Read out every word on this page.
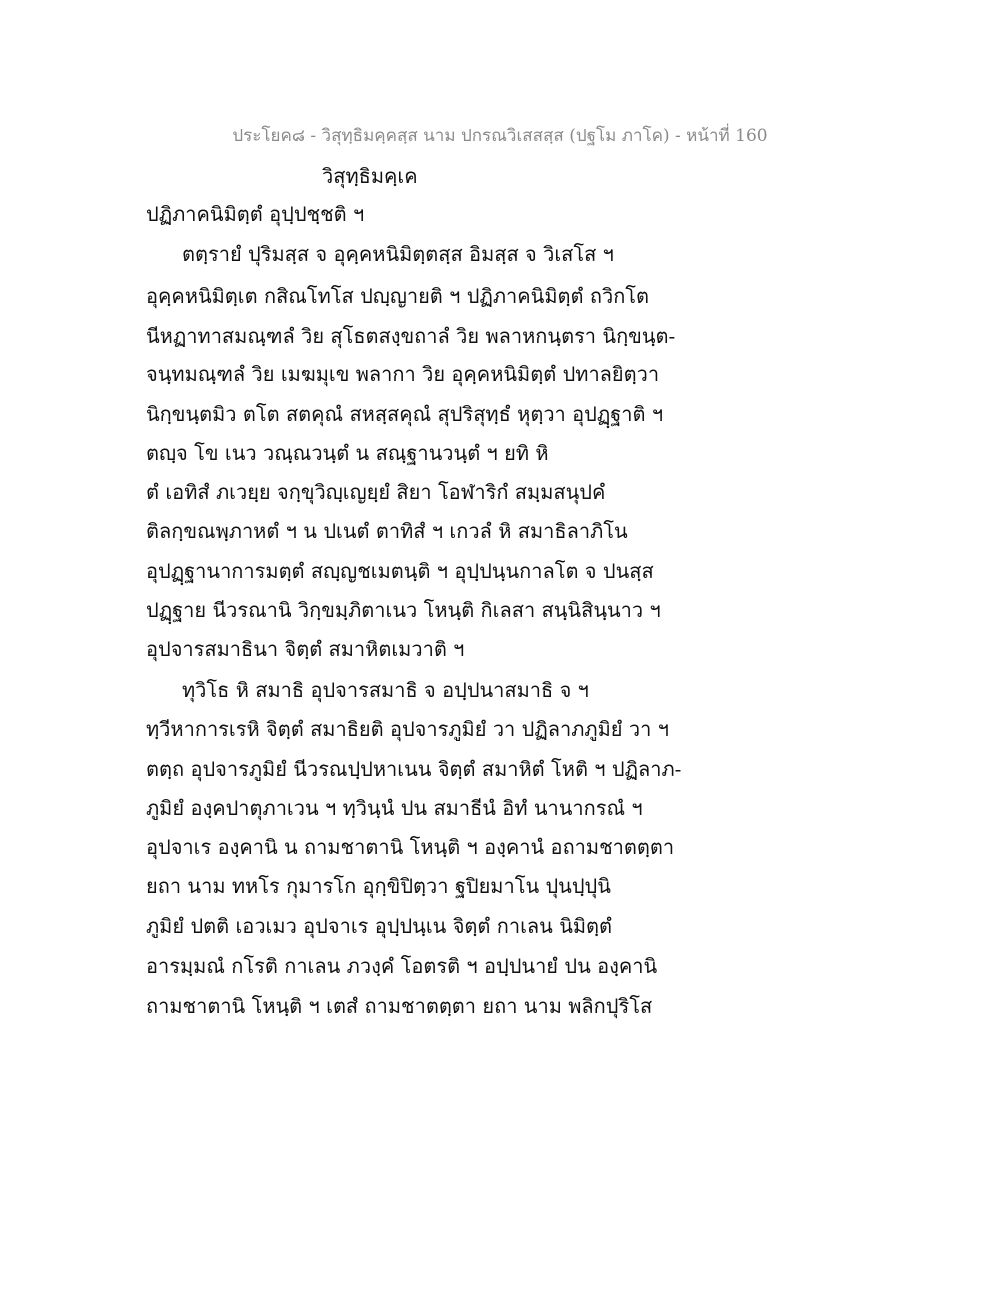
ประโยค๘ - วิสุทฺธิมคฺคสฺส นาม ปกรณวิเสสสฺส (ปฐโม ภาโค) - หน้าที่ 160
วิสุทฺธิมคฺเค
ปฏิภาคนิมิตฺตํ อุปฺปชฺชติ ฯ
ตตฺรายํ ปุริมสฺส จ อุคฺคหนิมิตฺตสฺส อิมสฺส จ วิเสโส ฯ
อุคฺคหนิมิตฺเต กสิณโทโส ปญฺญายติ ฯ ปฏิภาคนิมิตฺตํ ถวิกโต
นีหฏาทาสมณฺฑลํ วิย สุโธตสงฺขถาลํ วิย พลาหกนฺตรา นิกฺขนฺต-
จนฺทมณฺฑลํ วิย เมฆมุเข พลากา วิย อุคฺคหนิมิตฺตํ ปทาลยิตฺวา
นิกฺขนฺตมิว ตโต สตคุณํ สหสฺสคุณํ สุปริสุทฺธํ หุตฺวา อุปฏฺฐาติ ฯ
ตญฺจ โข เนว วณฺณวนฺตํ น สณฺฐานวนฺตํ ฯ ยทิ หิ
ตํ เอทิสํ ภเวยฺย จกฺขุวิญฺเญยฺยํ สิยา โอฬาริกํ สมฺมสนุปคํ
ติลกฺขณพฺภาหตํ ฯ น ปเนตํ ตาทิสํ ฯ เกวลํ หิ สมาธิลาภิโน
อุปฏฺฐานาการมตฺตํ สญฺญชเมตนฺติ ฯ อุปฺปนฺนกาลโต จ ปนสฺส
ปฏฺฐาย นีวรณานิ วิกฺขมฺภิตาเนว โหนฺติ กิเลสา สนฺนิสินฺนาว ฯ
อุปจารสมาธินา จิตฺตํ สมาหิตเมวาติ ฯ
ทุวิโธ หิ สมาธิ อุปจารสมาธิ จ อปฺปนาสมาธิ จ ฯ
ทฺวีหาการเรหิ จิตฺตํ สมาธิยติ อุปจารภูมิยํ วา ปฏิลาภภูมิยํ วา ฯ
ตตฺถ อุปจารภูมิยํ นีวรณปฺปหาเนน จิตฺตํ สมาหิตํ โหติ ฯ ปฏิลาภ-
ภูมิยํ องฺคปาตุภาเวน ฯ ทฺวินฺนํ ปน สมาธีนํ อิทํ นานากรณํ ฯ
อุปจาเร องฺคานิ น ถามชาตานิ โหนฺติ ฯ องฺคานํ อถามชาตตฺตา
ยถา นาม ทหโร กุมารโก อุกฺขิปิตฺวา ฐปิยมาโน ปุนปฺปุนิ
ภูมิยํ ปตติ เอวเมว อุปจาเร อุปฺปนฺเน จิตฺตํ กาเลน นิมิตฺตํ
อารมฺมณํ กโรติ กาเลน ภวงฺคํ โอตรติ ฯ อปฺปนายํ ปน องฺคานิ
ถามชาตานิ โหนฺติ ฯ เตสํ ถามชาตตฺตา ยถา นาม พลิกปุริโส
